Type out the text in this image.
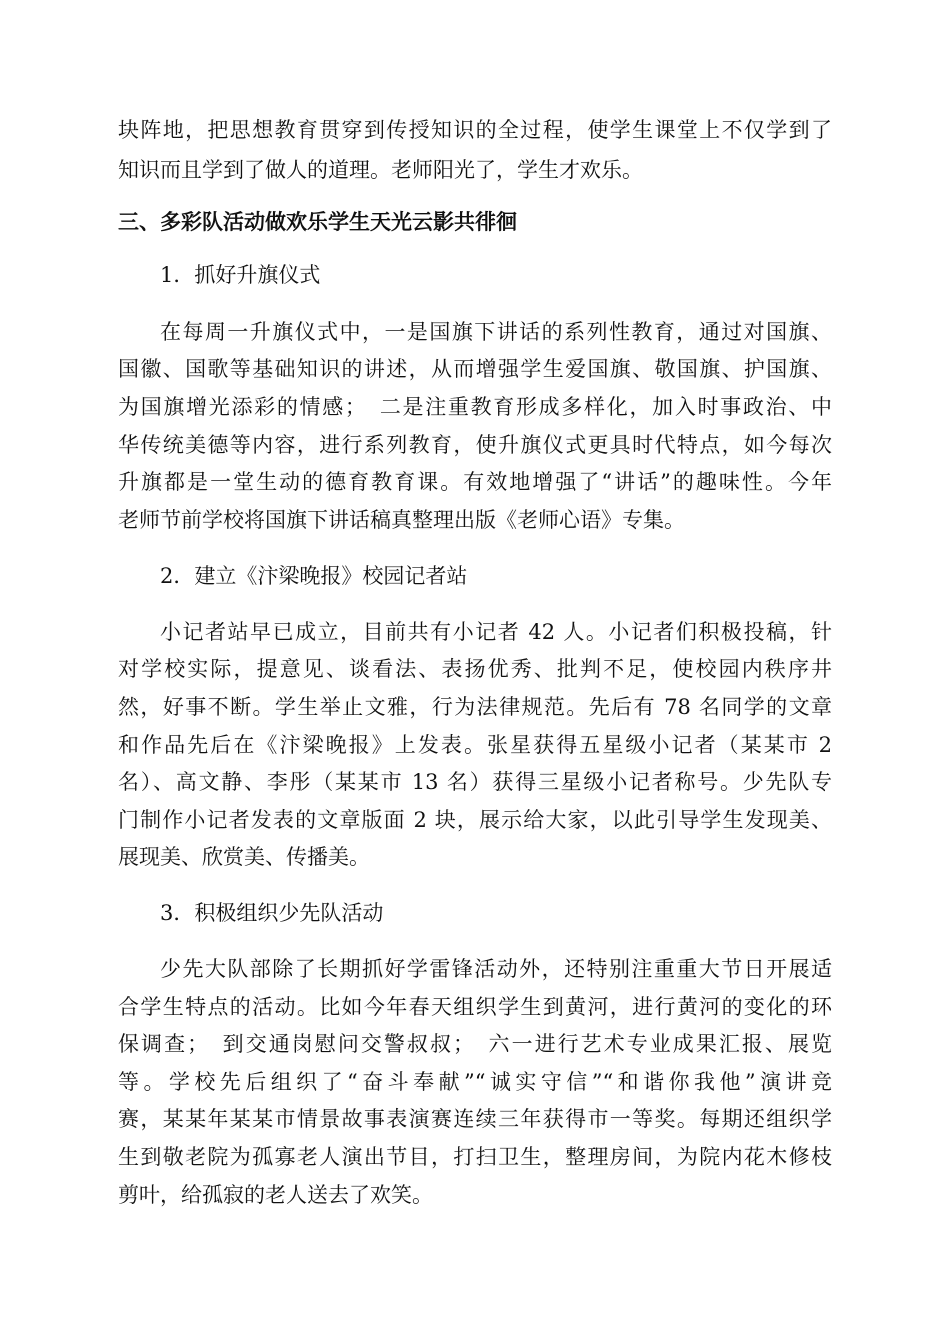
块阵地，把思想教育贯穿到传授知识的全过程，使学生课堂上不仅学到了
知识而且学到了做人的道理。老师阳光了，学生才欢乐。
三、多彩队活动做欢乐学生天光云影共徘徊
1．抓好升旗仪式
在每周一升旗仪式中，一是国旗下讲话的系列性教育，通过对国旗、
国徽、国歌等基础知识的讲述，从而增强学生爱国旗、敬国旗、护国旗、
为国旗增光添彩的情感；　二是注重教育形成多样化，加入时事政治、中
华传统美德等内容，进行系列教育，使升旗仪式更具时代特点，如今每次
升旗都是一堂生动的德育教育课。有效地增强了“讲话”的趣味性。今年
老师节前学校将国旗下讲话稿真整理出版《老师心语》专集。
2．建立《汴梁晚报》校园记者站
小记者站早已成立，目前共有小记者 42 人。小记者们积极投稿，针
对学校实际，提意见、谈看法、表扬优秀、批判不足，使校园内秩序井
然，好事不断。学生举止文雅，行为法律规范。先后有 78 名同学的文章
和作品先后在《汴梁晚报》上发表。张星获得五星级小记者（某某市 2
名）、高文静、李彤（某某市 13 名）获得三星级小记者称号。少先队专
门制作小记者发表的文章版面 2 块，展示给大家，以此引导学生发现美、
展现美、欣赏美、传播美。
3．积极组织少先队活动
少先大队部除了长期抓好学雷锋活动外，还特别注重重大节日开展适
合学生特点的活动。比如今年春天组织学生到黄河，进行黄河的变化的环
保调查；　到交通岗慰问交警叔叔；　六一进行艺术专业成果汇报、展览
等。学校先后组织了“奋斗奉献”“诚实守信”“和谐你我他”演讲竞
赛，某某年某某市情景故事表演赛连续三年获得市一等奖。每期还组织学
生到敬老院为孤寡老人演出节目，打扫卫生，整理房间，为院内花木修枝
剪叶，给孤寂的老人送去了欢笑。
